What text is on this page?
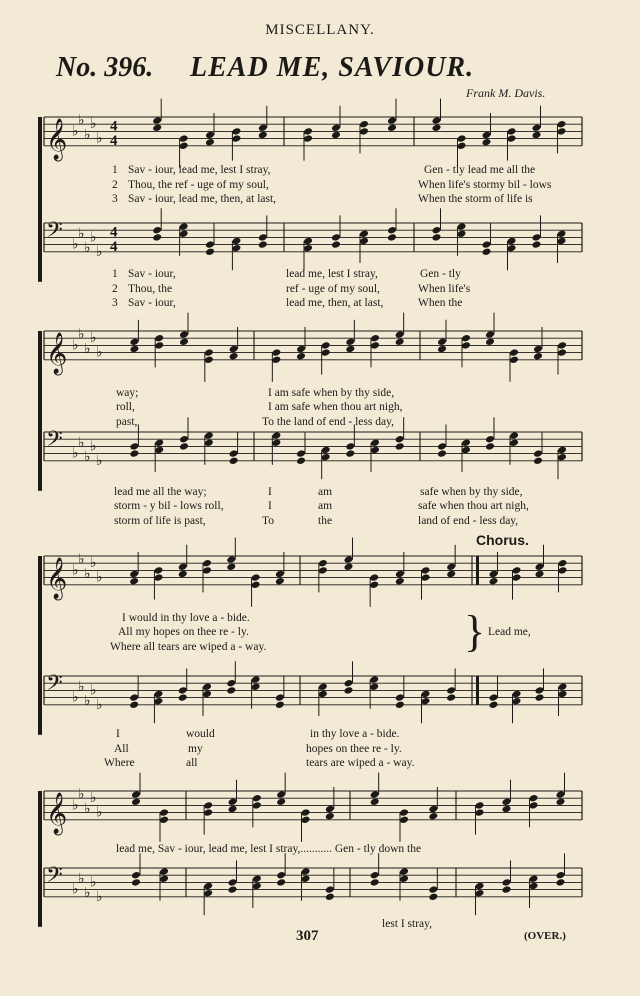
MISCELLANY.
No. 396. LEAD ME, SAVIOUR.
Frank M. Davis.
𝄞 ♭
♭
♭
♭
♭
4
4
𝄢 ♭
♭
♭
♭
♭
4
4
𝄞 ♭
♭
♭
♭
♭
𝄢 ♭
♭
♭
♭
♭
𝄞 ♭
♭
♭
♭
♭
𝄢 ♭
♭
♭
♭
♭
𝄞 ♭
♭
♭
♭
♭
𝄢 ♭
♭
♭
♭
♭
1 Sav - iour, lead me, lest I stray,	Gen - tly lead me all the
2 Thou, the ref - uge of my soul,	When life's stormy bil - lows
3 Sav - iour, lead me, then, at last,	When the storm of life is
1 Sav - iour,	lead me, lest I stray,	Gen - tly
2 Thou, the	ref - uge of my soul,	When life's
3 Sav - iour,	lead me, then, at last,	When the
way;	I am safe when by thy side,
roll,	I am safe when thou art nigh,
past,	To the land of end - less day,
lead me all the way;	I	am	safe when by thy side,
storm - y bil - lows roll,	I	am	safe when thou art nigh,
storm of life is past,	To	the	land of end - less day,
Chorus.
I would in thy love a - bide.
All my hopes on thee re - ly.
Where all tears are wiped a - way.	} Lead me,
I	would	in thy love a - bide.
All	my	hopes on thee re - ly.
Where	all	tears are wiped a - way.
lead me, Sav - iour, lead me, lest I stray,........... Gen - tly down the
lest I stray,
307	(OVER.)
